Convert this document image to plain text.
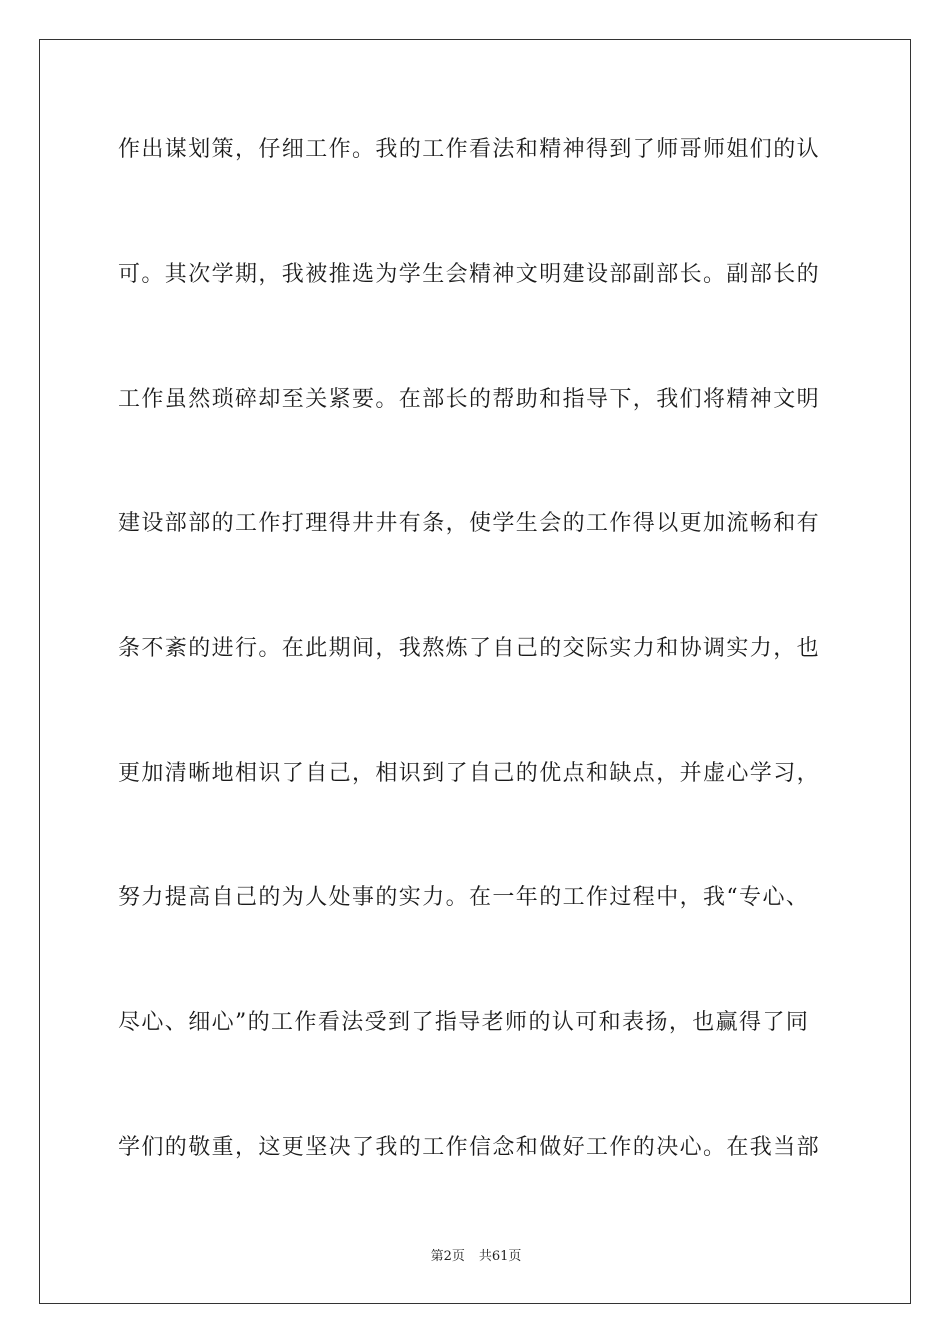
作出谋划策，仔细工作。我的工作看法和精神得到了师哥师姐们的认
可。其次学期，我被推选为学生会精神文明建设部副部长。副部长的
工作虽然琐碎却至关紧要。在部长的帮助和指导下，我们将精神文明
建设部部的工作打理得井井有条，使学生会的工作得以更加流畅和有
条不紊的进行。在此期间，我熬炼了自己的交际实力和协调实力，也
更加清晰地相识了自己，相识到了自己的优点和缺点，并虚心学习，
努力提高自己的为人处事的实力。在一年的工作过程中，我“专心、
尽心、细心”的工作看法受到了指导老师的认可和表扬，也赢得了同
学们的敬重，这更坚决了我的工作信念和做好工作的决心。在我当部
第2页 共61页
